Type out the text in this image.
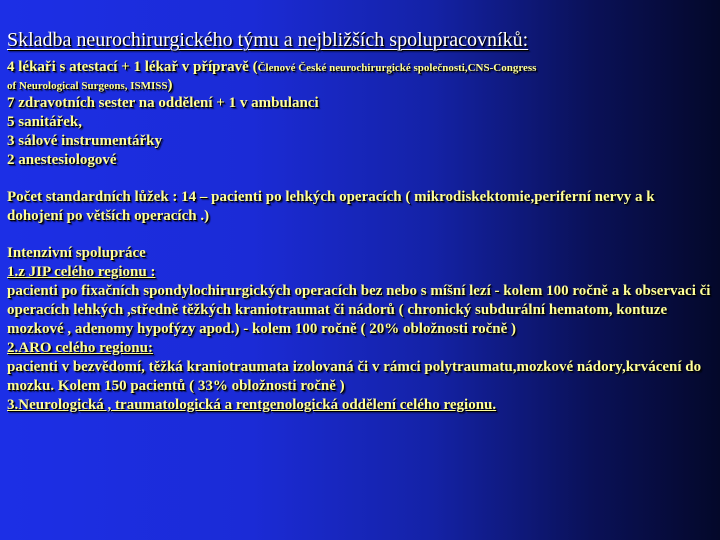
Skladba neurochirurgického týmu a nejbližších spolupracovníků:

4 lékaři s atestací + 1 lékař v přípravě (Členové České neurochirurgické společnosti,CNS-Congress

of Neurological Surgeons, ISMISS)

7 zdravotních sester na oddělení + 1 v ambulanci

5 sanitářek,

3 sálové instrumentářky

2 anestesiologové

Počet standardních lůžek : 14 – pacienti po lehkých operacích ( mikrodiskektomie,periferní nervy a k dohojení po větších operacích .)

Intenzivní spolupráce

1.z JIP celého regionu :

pacienti po fixačních spondylochirurgických operacích bez nebo s míšní lezí - kolem 100 ročně a k observaci či operacích lehkých ,středně těžkých kraniotraumat či nádorů ( chronický subdurální hematom, kontuze mozkové , adenomy hypofýzy apod.) - kolem 100 ročně ( 20% obložnosti ročně )

2.ARO celého regionu:

pacienti v bezvědomí, těžká kraniotraumata izolovaná či v rámci polytraumatu,mozkové nádory,krvácení do mozku. Kolem 150 pacientů ( 33% obložnosti ročně )

3.Neurologická , traumatologická a rentgenologická oddělení celého regionu.
